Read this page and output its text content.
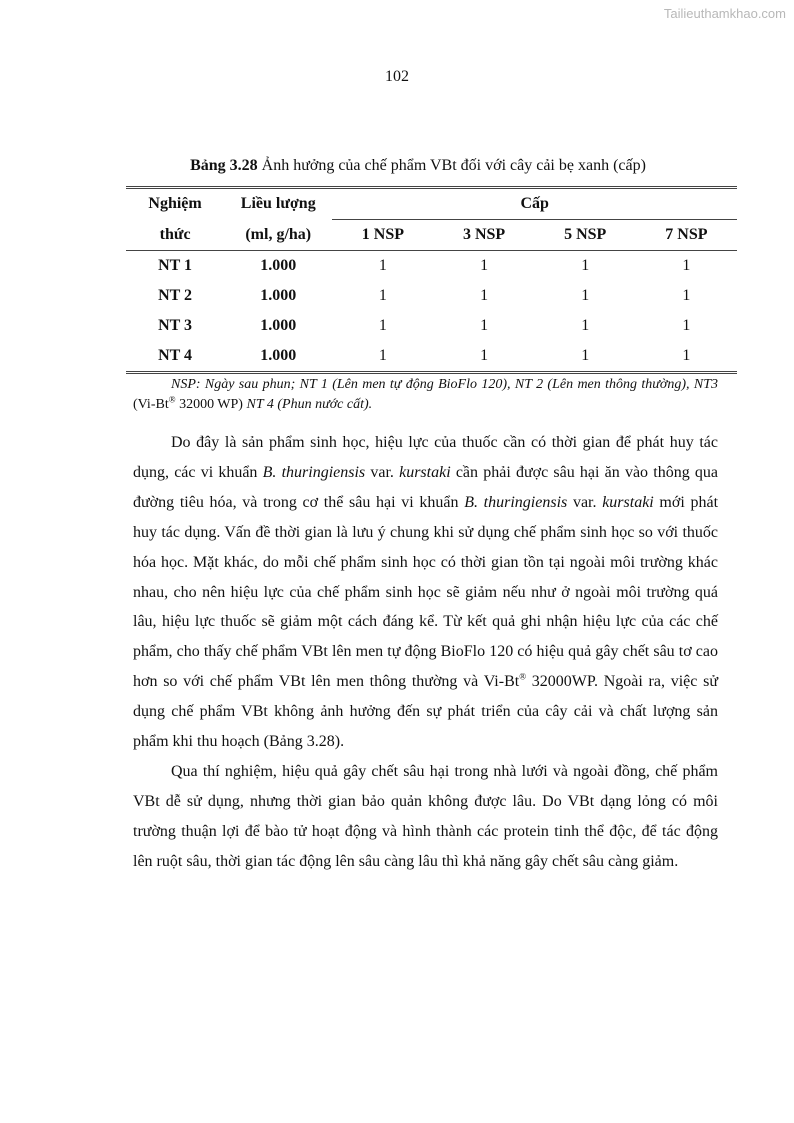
Tailieuthamkhao.com
102
Bảng 3.28 Ảnh hưởng của chế phẩm VBt đối với cây cải bẹ xanh (cấp)
Nghiệm	Liều lượng	Cấp			
thức	(ml, g/ha)	1 NSP	3 NSP	5 NSP	7 NSP
NT 1	1.000	1	1	1	1
NT 2	1.000	1	1	1	1
NT 3	1.000	1	1	1	1
NT 4	1.000	1	1	1	1
NSP: Ngày sau phun; NT 1 (Lên men tự động BioFlo 120), NT 2 (Lên men thông thường), NT3 (Vi-Bt® 32000 WP) NT 4 (Phun nước cất).

Do đây là sản phẩm sinh học, hiệu lực của thuốc cần có thời gian để phát huy tác dụng, các vi khuẩn B. thuringiensis var. kurstaki cần phải được sâu hại ăn vào thông qua đường tiêu hóa, và trong cơ thể sâu hại vi khuẩn B. thuringiensis var. kurstaki mới phát huy tác dụng. Vấn đề thời gian là lưu ý chung khi sử dụng chế phẩm sinh học so với thuốc hóa học. Mặt khác, do mỗi chế phẩm sinh học có thời gian tồn tại ngoài môi trường khác nhau, cho nên hiệu lực của chế phẩm sinh học sẽ giảm nếu như ở ngoài môi trường quá lâu, hiệu lực thuốc sẽ giảm một cách đáng kể. Từ kết quả ghi nhận hiệu lực của các chế phẩm, cho thấy chế phẩm VBt lên men tự động BioFlo 120 có hiệu quả gây chết sâu tơ cao hơn so với chế phẩm VBt lên men thông thường và Vi-Bt® 32000WP. Ngoài ra, việc sử dụng chế phẩm VBt không ảnh hưởng đến sự phát triển của cây cải và chất lượng sản phẩm khi thu hoạch (Bảng 3.28).

Qua thí nghiệm, hiệu quả gây chết sâu hại trong nhà lưới và ngoài đồng, chế phẩm VBt dễ sử dụng, nhưng thời gian bảo quản không được lâu. Do VBt dạng lỏng có môi trường thuận lợi để bào tử hoạt động và hình thành các protein tinh thể độc, để tác động lên ruột sâu, thời gian tác động lên sâu càng lâu thì khả năng gây chết sâu càng giảm.
